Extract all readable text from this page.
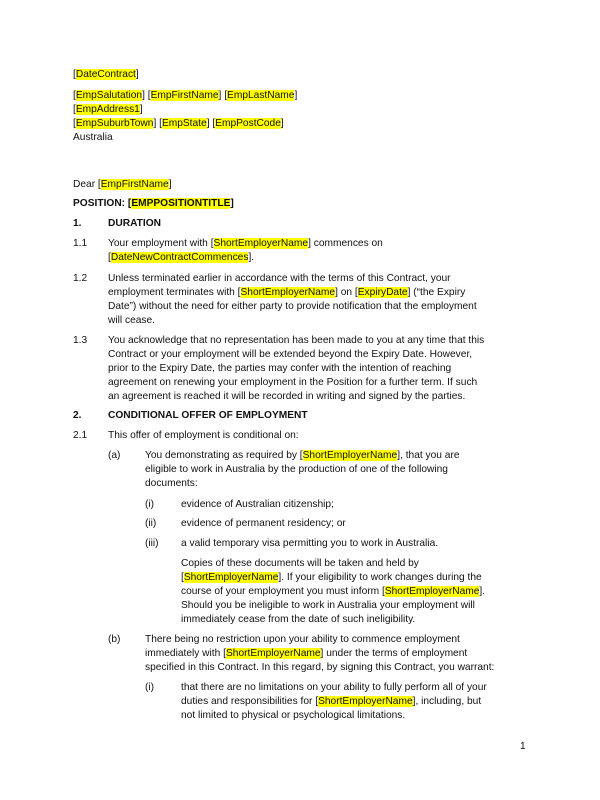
[DateContract]
[EmpSalutation] [EmpFirstName] [EmpLastName]
[EmpAddress1]
[EmpSuburbTown] [EmpState] [EmpPostCode]
Australia
Dear [EmpFirstName]
POSITION: [EMPPOSITIONTITLE]
1.	DURATION
1.1 Your employment with [ShortEmployerName] commences on
[DateNewContractCommences].
1.2 Unless terminated earlier in accordance with the terms of this Contract, your
employment terminates with [ShortEmployerName] on [ExpiryDate] (“the Expiry
Date”) without the need for either party to provide notification that the employment
will cease.
1.3 You acknowledge that no representation has been made to you at any time that this
Contract or your employment will be extended beyond the Expiry Date. However,
prior to the Expiry Date, the parties may confer with the intention of reaching
agreement on renewing your employment in the Position for a further term. If such
an agreement is reached it will be recorded in writing and signed by the parties.
2.	CONDITIONAL OFFER OF EMPLOYMENT
2.1 This offer of employment is conditional on:
(a) You demonstrating as required by [ShortEmployerName], that you are
eligible to work in Australia by the production of one of the following
documents:
(i)	evidence of Australian citizenship;
(ii) evidence of permanent residency; or
(iii) a valid temporary visa permitting you to work in Australia.
Copies of these documents will be taken and held by
[ShortEmployerName]. If your eligibility to work changes during the
course of your employment you must inform [ShortEmployerName].
Should you be ineligible to work in Australia your employment will
immediately cease from the date of such ineligibility.
(b) There being no restriction upon your ability to commence employment
immediately with [ShortEmployerName] under the terms of employment
specified in this Contract. In this regard, by signing this Contract, you warrant:
(i)	that there are no limitations on your ability to fully perform all of your
duties and responsibilities for [ShortEmployerName], including, but
not limited to physical or psychological limitations.
1
